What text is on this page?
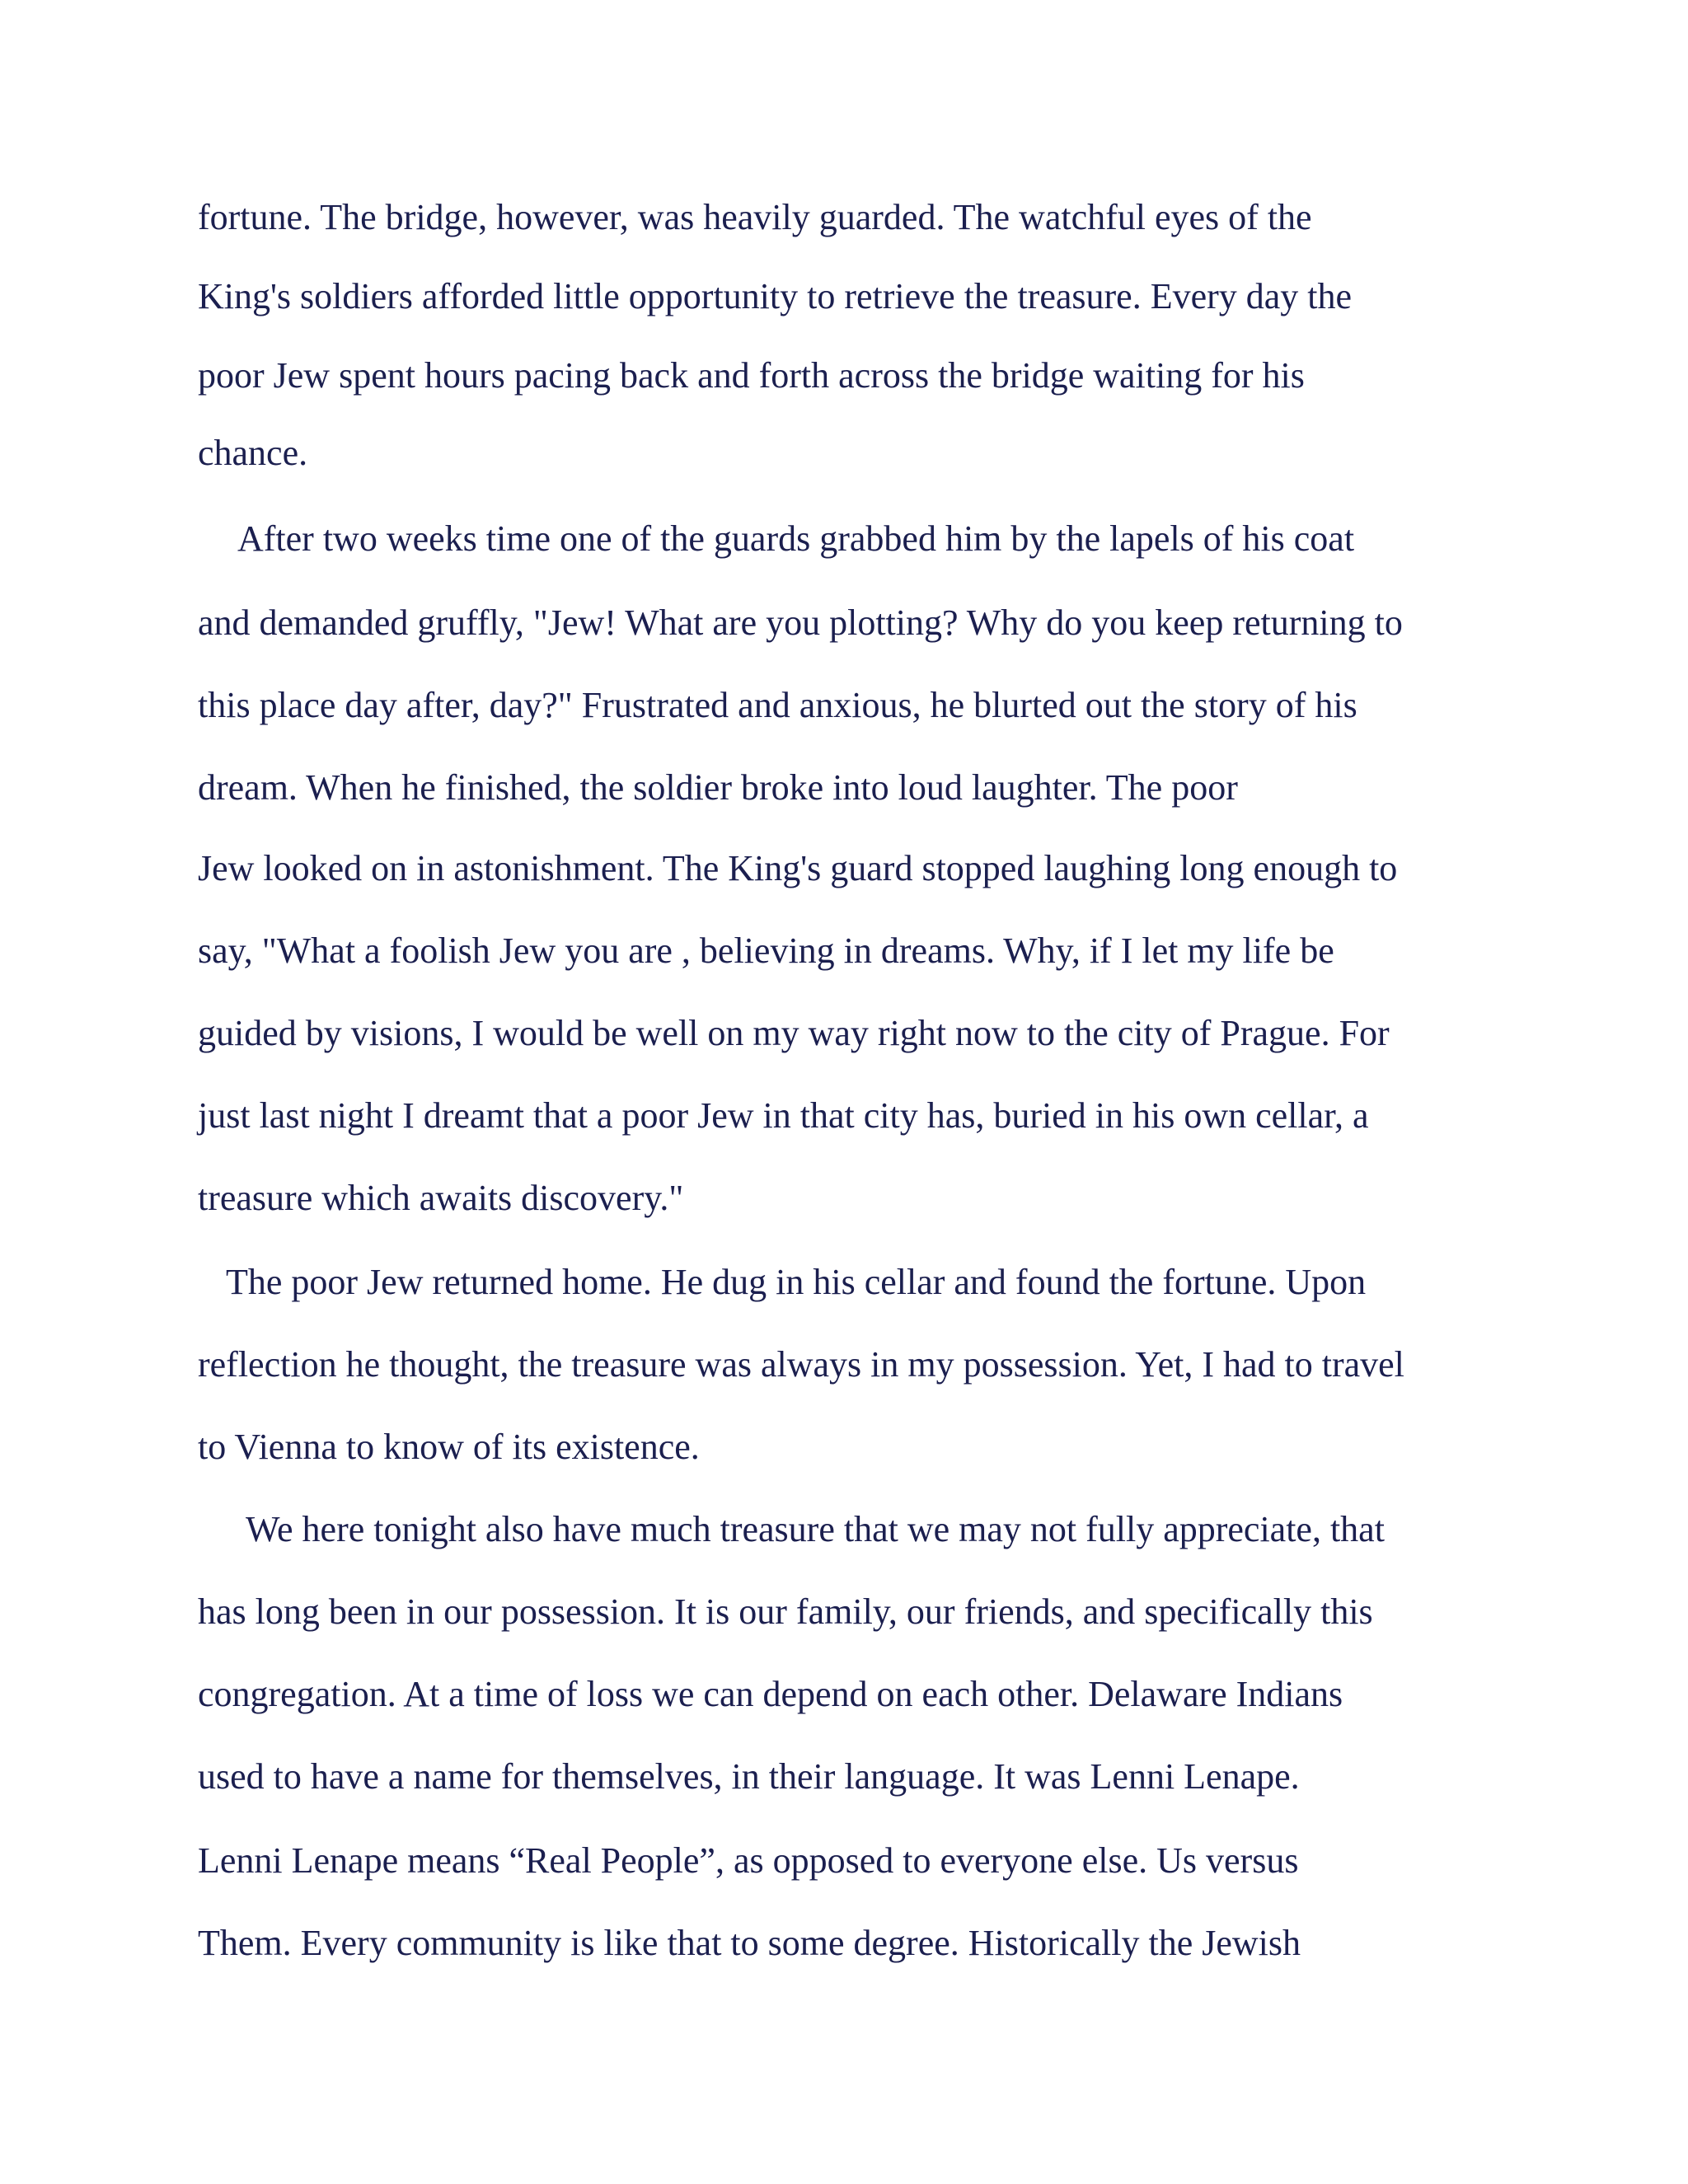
fortune. The bridge, however, was heavily guarded. The watchful eyes of the

King's soldiers afforded little opportunity to retrieve the treasure. Every day the

poor Jew spent hours pacing back and forth across the bridge waiting for his

chance.

After two weeks time one of the guards grabbed him by the lapels of his coat

and demanded gruffly, "Jew! What are you plotting? Why do you keep returning to

this place day after, day?" Frustrated and anxious, he blurted out the story of his

dream. When he finished, the soldier broke into loud laughter. The poor

Jew looked on in astonishment. The King's guard stopped laughing long enough to

say, "What a foolish Jew you are , believing in dreams. Why, if I let my life be

guided by visions, I would be well on my way right now to the city of Prague. For

just last night I dreamt that a poor Jew in that city has, buried in his own cellar, a

treasure which awaits discovery."

The poor Jew returned home. He dug in his cellar and found the fortune. Upon

reflection he thought, the treasure was always in my possession. Yet, I had to travel

to Vienna to know of its existence.

We here tonight also have much treasure that we may not fully appreciate, that

has long been in our possession. It is our family, our friends, and specifically this

congregation. At a time of loss we can depend on each other. Delaware Indians

used to have a name for themselves, in their language. It was Lenni Lenape.

Lenni Lenape means “Real People”, as opposed to everyone else. Us versus

Them. Every community is like that to some degree. Historically the Jewish
